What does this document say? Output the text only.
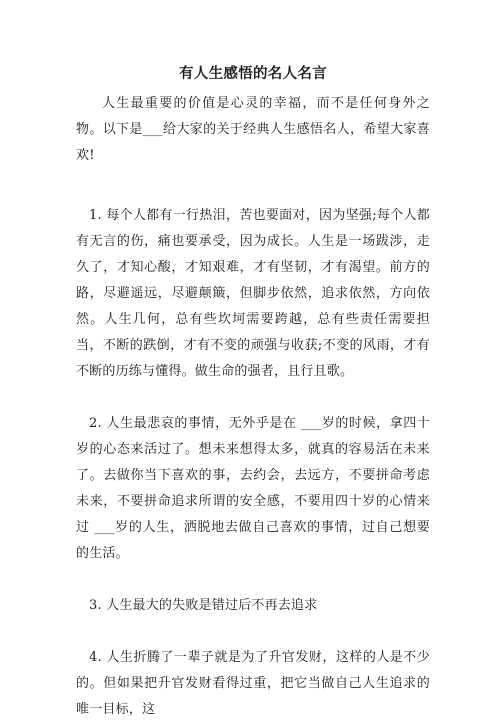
有人生感悟的名人名言

人生最重要的价值是心灵的幸福，而不是任何身外之物。以下是___给大家的关于经典人生感悟名人，希望大家喜欢!

1. 每个人都有一行热泪，苦也要面对，因为坚强;每个人都有无言的伤，痛也要承受，因为成长。人生是一场跋涉，走久了，才知心酸，才知艰难，才有坚韧，才有渴望。前方的路，尽避遥远，尽避颠簸，但脚步依然，追求依然，方向依然。人生几何，总有些坎坷需要跨越，总有些责任需要担当，不断的跌倒，才有不变的顽强与收获;不变的风雨，才有不断的历练与懂得。做生命的强者，且行且歌。

2. 人生最悲哀的事情，无外乎是在 ___岁的时候，拿四十岁的心态来活过了。想未来想得太多，就真的容易活在未来了。去做你当下喜欢的事，去约会，去远方，不要拼命考虑未来，不要拼命追求所谓的安全感，不要用四十岁的心情来过 ___岁的人生，洒脱地去做自己喜欢的事情，过自己想要的生活。

3. 人生最大的失败是错过后不再去追求

4. 人生折腾了一辈子就是为了升官发财，这样的人是不少的。但如果把升官发财看得过重，把它当做自己人生追求的唯一目标，这
